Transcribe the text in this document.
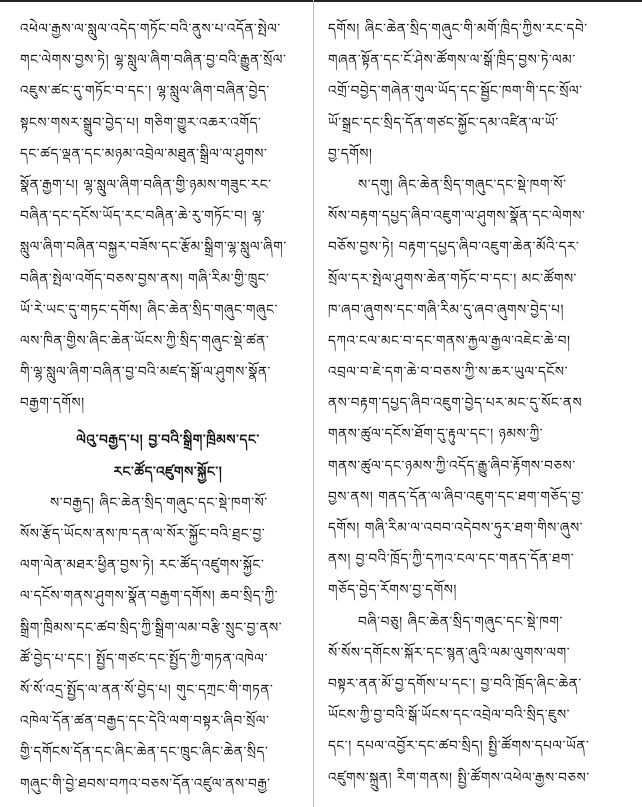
འཕེལ་རྒྱས་ལ་སླུལ་འདེད་གཏོང་བའི་ནུས་པ་འདོན་སྤེལ་
གང་ལེགས་བྱས་ཏེ། ལྷ་སླུལ་ཞིག་བཞིན་བྱ་བའི་རྒྱུན་སྲོལ་
འཇུས་ཚང་དུ་གཏོང་བ་དང་། ལྷ་སླུལ་ཞིག་བཞིན་བྱེད་
སྟངས་གསར་སྒྲུབ་བྱེད་པ། གཅིག་གྱུར་འཆར་འགོད་
དང་ཚད་ལྡན་དང་མཉམ་འབྲེལ་མཐུན་སྒྲིལ་ལ་ཤུགས་
སྣོན་རྒྱག་པ། ལྷ་སླུལ་ཞིག་བཞིན་གྱི་ཉམས་གཟུང་རང་
བཞིན་དང་དངོས་ཡོད་རང་བཞིན་ཆེ་རུ་གཏོང་བ། ལྷ་
སླུལ་ཞིག་བཞིན་བསྐྱར་བཟོས་དང་རྩོམ་སྒྲིག་ལྷ་སླུལ་ཞིག་
བཞིན་སྤེལ་འགོད་བཅས་བྱས་ནས། གཞི་རིམ་གྱི་ཁྲུང་
ཡོ་རེ་ཡང་དུ་གཏང་དགོས། ཞིང་ཆེན་སྲིད་གཞུང་གཞུང་
ལས་ཁིན་གྱིས་ཞིང་ཆེན་ཡོངས་ཀྱི་སྲིད་གཞུང་སྡེ་ཚན་
གི་ལྷ་སླུལ་ཞིག་བཞིན་བྱ་བའི་མཛད་སྒོ་ལ་ཤུགས་སྣོན་
བརྒྱག་དགོས།
ལེའུ་བརྒྱད་པ། བྱ་བའི་སྒྲིག་ཁྲིམས་དང་
རང་ཚོད་འཛུགས་སྐྱོང་།
ས་བརྒྱད། ཞིང་ཆེན་སྲིད་གཞུང་དང་སྡེ་ཁག་སོ་
སོས་རྩོད་ཡོངས་ནས་ཁ་དན་ལ་སོར་སྐྱོང་བའི་ཐྲང་བྱ་
ལག་ལེན་མཐར་ཕྱིན་བྱས་ཏེ། རང་ཚོད་འཛུགས་སྐྱོང་
ལ་དངོས་གནས་ཤུགས་སྣོན་བརྒྱག་དགོས། ཆབ་སྲིད་ཀྱི་
སྒྲིག་ཁྲིམས་དང་ཚབ་སྲིད་ཀྱི་སྒྲིག་ལམ་བརྩི་སྲུང་བྱ་ནས་
ཚོ་བྱེད་པ་དང་། སྤྱོད་གཙང་དང་སྤྱོད་ཀྱི་གཏན་འཁེལ་
སོ་སོ་འདྲ་སྤྱོད་ལ་ནན་སོ་བྱེད་པ། གུང་དཀྲང་གི་གཏན་
འཁེལ་དོན་ཚན་བརྒྱད་དང་དེའི་ལག་བསྟར་ཞིབ་སྲོལ་
གྱི་དགོངས་དོན་དང་ཞིང་ཆེན་དང་ཁྲུང་ཞིང་ཆེན་སྲིད་
གཞུང་གི་བྱེ་ཐབས་བཀའ་བཅས་དོན་འཛུལ་ནས་བརྒྱ་
དགོས། ཞིང་ཆེན་སྲིད་གཞུང་གི་མགོ་ཁྲིད་ཀྱིས་རང་དབེ་
གཞན་སྟོན་དང་ངོ་ཤེས་ཚོགས་ལ་སྒོ་ཁྲིད་བྱས་ཏེ་ལམ་
འགྲོ་བབྱེད་གཞེན་གུལ་ཡོད་དང་སྦྱོང་ཁག་གི་དང་སྲོལ་
ཡོ་སྒྲང་དང་སྲིད་དོན་གཙང་སྐྱོང་དམ་འཛིན་ལ་ཡོ་
བྱ་དགོས།
ས་དགུ། ཞིང་ཆེན་སྲིད་གཞུང་དང་སྡེ་ཁག་སོ་
སོས་བརྟག་དཔྱད་ཞིབ་འཇུག་ལ་ཤུགས་སྣོན་དང་ལེགས་
བཅོས་བྱས་ཏེ། བརྟག་དཔྱད་ཞིབ་འཇུག་ཆེན་མོའི་དར་
སྲོལ་དར་སྤེལ་ཤུགས་ཆེན་གཏོང་བ་དང་། མང་ཚོགས་
ཁ་ཞབ་ཞུགས་དང་གཞི་རིམ་དུ་ཞབ་ཞུགས་བྱེད་པ།
དཀའ་ངལ་མང་བ་དང་གནས་རྐྱལ་རྒྱལ་འཇེང་ཆེ་བ།
འབྲལ་བ་ཇེ་དག་ཆེ་བ་བཅས་ཀྱི་ས་ཆར་ཡུལ་དངོས་
ནས་བརྟག་དཔྱད་ཞིབ་འཇུག་བྱེད་པར་མང་དུ་སོང་ནས
གནས་ཚུལ་དངོས་ཐོག་དུ་རྟུལ་དང་། ཉམས་ཀྱི་
གནས་ཚུལ་དང་ཉམས་ཀྱི་འདོད་རྒྱུ་ཞིབ་རྟོགས་བཅས་
བྱས་ནས། གནད་དོན་ལ་ཞིབ་འཇུག་དང་ཐག་གཅོད་བྱ་
དགོས། གཞི་རིམ་ལ་འབབ་འདེབས་ཧུར་ཐག་གིས་ཞུས་
ནས། བྱ་བའི་ཁྲོད་ཀྱི་དཀའ་ངལ་དང་གནད་དོན་ཐག་
གཅོད་བྱེད་རོགས་བྱ་དགོས།
བཞི་བཅུ། ཞིང་ཆེན་སྲིད་གཞུང་དང་སྡེ་ཁག་
སོ་སོས་དགོངས་སྐོར་དང་སྙན་ཞུའི་ལམ་ལུགས་ལག་
བསྟར་ནན་མོ་བྱ་དགོས་པ་དང་། བྱ་བའི་ཁྲོད་ཞིང་ཆེན་
ཡོངས་ཀྱི་བྱ་བའི་སྒོ་ཡོངས་དང་འབྲེལ་བའི་སྲིད་ཇུས་
དང་། དཔལ་འབྱོར་དང་ཚབ་སྲིད། སྤྱི་ཚོགས་དཔལ་ཡོན་
འཛུགས་སྐྲུན། རིག་གནས། སྤྱི་ཚོགས་འཕེལ་རྒྱས་བཅས་
